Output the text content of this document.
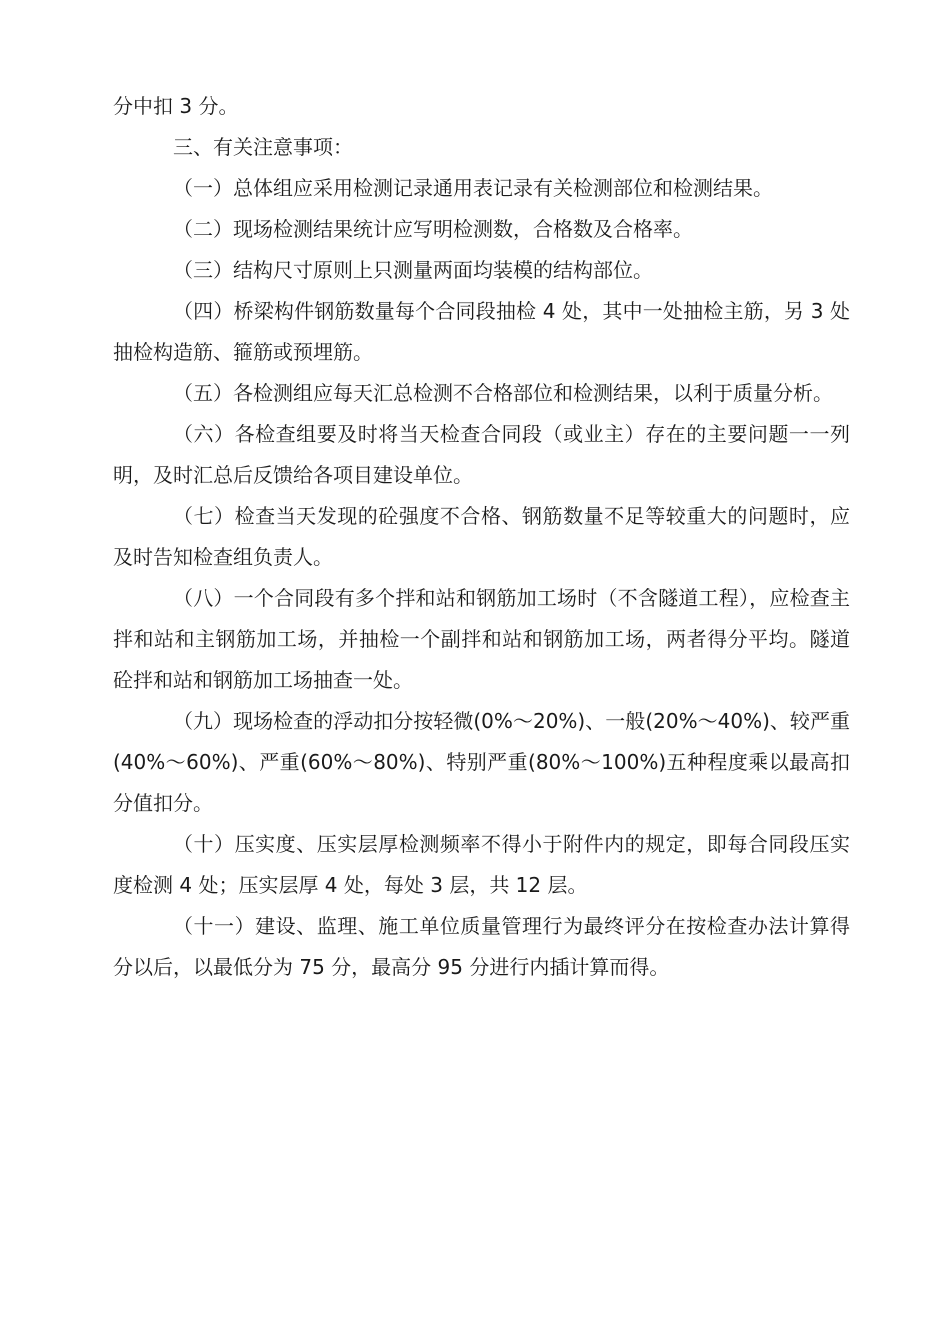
分中扣 3 分。

三、有关注意事项：

（一）总体组应采用检测记录通用表记录有关检测部位和检测结果。

（二）现场检测结果统计应写明检测数，合格数及合格率。

（三）结构尺寸原则上只测量两面均装模的结构部位。

（四）桥梁构件钢筋数量每个合同段抽检 4 处，其中一处抽检主筋，另 3 处抽检构造筋、箍筋或预埋筋。

（五）各检测组应每天汇总检测不合格部位和检测结果，以利于质量分析。

（六）各检查组要及时将当天检查合同段（或业主）存在的主要问题一一列明，及时汇总后反馈给各项目建设单位。

（七）检查当天发现的砼强度不合格、钢筋数量不足等较重大的问题时，应及时告知检查组负责人。

（八）一个合同段有多个拌和站和钢筋加工场时（不含隧道工程），应检查主拌和站和主钢筋加工场，并抽检一个副拌和站和钢筋加工场，两者得分平均。隧道砼拌和站和钢筋加工场抽查一处。

（九）现场检查的浮动扣分按轻微(0%～20%)、一般(20%～40%)、较严重(40%～60%)、严重(60%～80%)、特别严重(80%～100%)五种程度乘以最高扣分值扣分。

（十）压实度、压实层厚检测频率不得小于附件内的规定，即每合同段压实度检测 4 处；压实层厚 4 处，每处 3 层，共 12 层。

（十一）建设、监理、施工单位质量管理行为最终评分在按检查办法计算得分以后，以最低分为 75 分，最高分 95 分进行内插计算而得。
